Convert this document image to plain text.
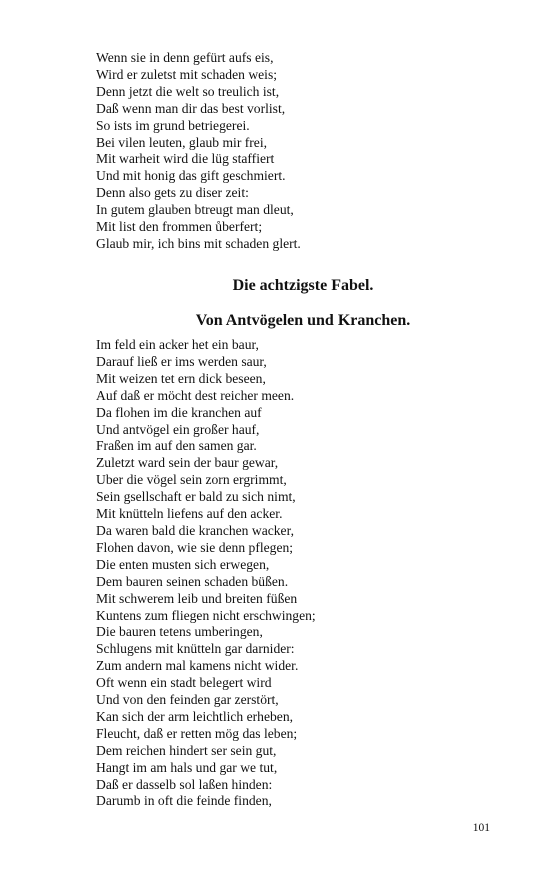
Wenn sie in denn gefürt aufs eis,
Wird er zuletst mit schaden weis;
Denn jetzt die welt so treulich ist,
Daß wenn man dir das best vorlist,
So ists im grund betriegerei.
Bei vilen leuten, glaub mir frei,
Mit warheit wird die lüg staffiert
Und mit honig das gift geschmiert.
Denn also gets zu diser zeit:
In gutem glauben btreugt man dleut,
Mit list den frommen ůberfert;
Glaub mir, ich bins mit schaden glert.
Die achtzigste Fabel.
Von Antvögelen und Kranchen.
Im feld ein acker het ein baur,
Darauf ließ er ims werden saur,
Mit weizen tet ern dick beseen,
Auf daß er möcht dest reicher meen.
Da flohen im die kranchen auf
Und antvögel ein großer hauf,
Fraßen im auf den samen gar.
Zuletzt ward sein der baur gewar,
Uber die vögel sein zorn ergrimmt,
Sein gsellschaft er bald zu sich nimt,
Mit knütteln liefens auf den acker.
Da waren bald die kranchen wacker,
Flohen davon, wie sie denn pflegen;
Die enten musten sich erwegen,
Dem bauren seinen schaden büßen.
Mit schwerem leib und breiten füßen
Kuntens zum fliegen nicht erschwingen;
Die bauren tetens umberingen,
Schlugens mit knütteln gar darnider:
Zum andern mal kamens nicht wider.
Oft wenn ein stadt belegert wird
Und von den feinden gar zerstört,
Kan sich der arm leichtlich erheben,
Fleucht, daß er retten mög das leben;
Dem reichen hindert ser sein gut,
Hangt im am hals und gar we tut,
Daß er dasselb sol laßen hinden:
Darumb in oft die feinde finden,
101
